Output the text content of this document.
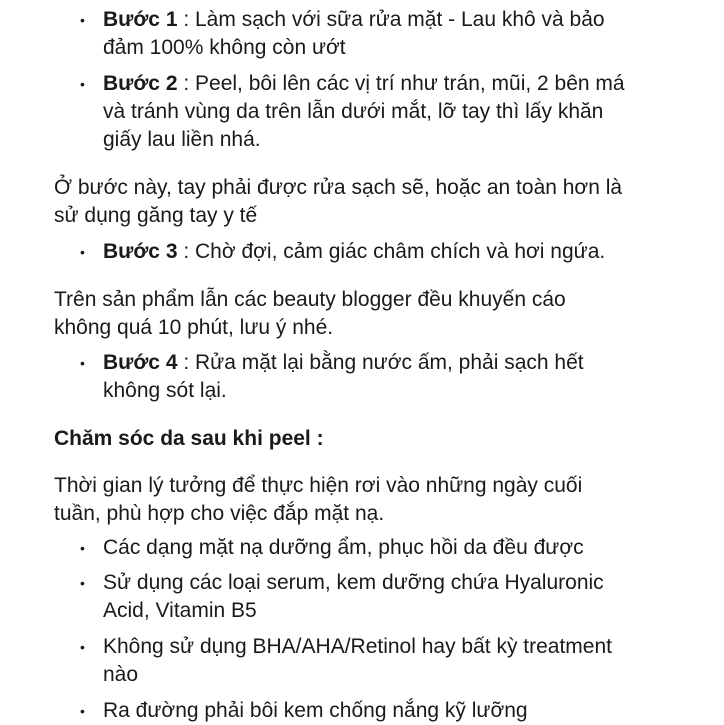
• Bước 1 : Làm sạch với sữa rửa mặt - Lau khô và bảo
đảm 100% không còn ướt
• Bước 2 : Peel, bôi lên các vị trí như trán, mũi, 2 bên má
và tránh vùng da trên lẫn dưới mắt, lỡ tay thì lấy khăn
giấy lau liền nhá.

Ở bước này, tay phải được rửa sạch sẽ, hoặc an toàn hơn là
sử dụng găng tay y tế

• Bước 3 : Chờ đợi, cảm giác châm chích và hơi ngứa.

Trên sản phẩm lẫn các beauty blogger đều khuyến cáo
không quá 10 phút, lưu ý nhé.

• Bước 4 : Rửa mặt lại bằng nước ấm, phải sạch hết
không sót lại.

Chăm sóc da sau khi peel :

Thời gian lý tưởng để thực hiện rơi vào những ngày cuối
tuần, phù hợp cho việc đắp mặt nạ.

• Các dạng mặt nạ dưỡng ẩm, phục hồi da đều được
• Sử dụng các loại serum, kem dưỡng chứa Hyaluronic
Acid, Vitamin B5
• Không sử dụng BHA/AHA/Retinol hay bất kỳ treatment
nào
• Ra đường phải bôi kem chống nắng kỹ lưỡng
